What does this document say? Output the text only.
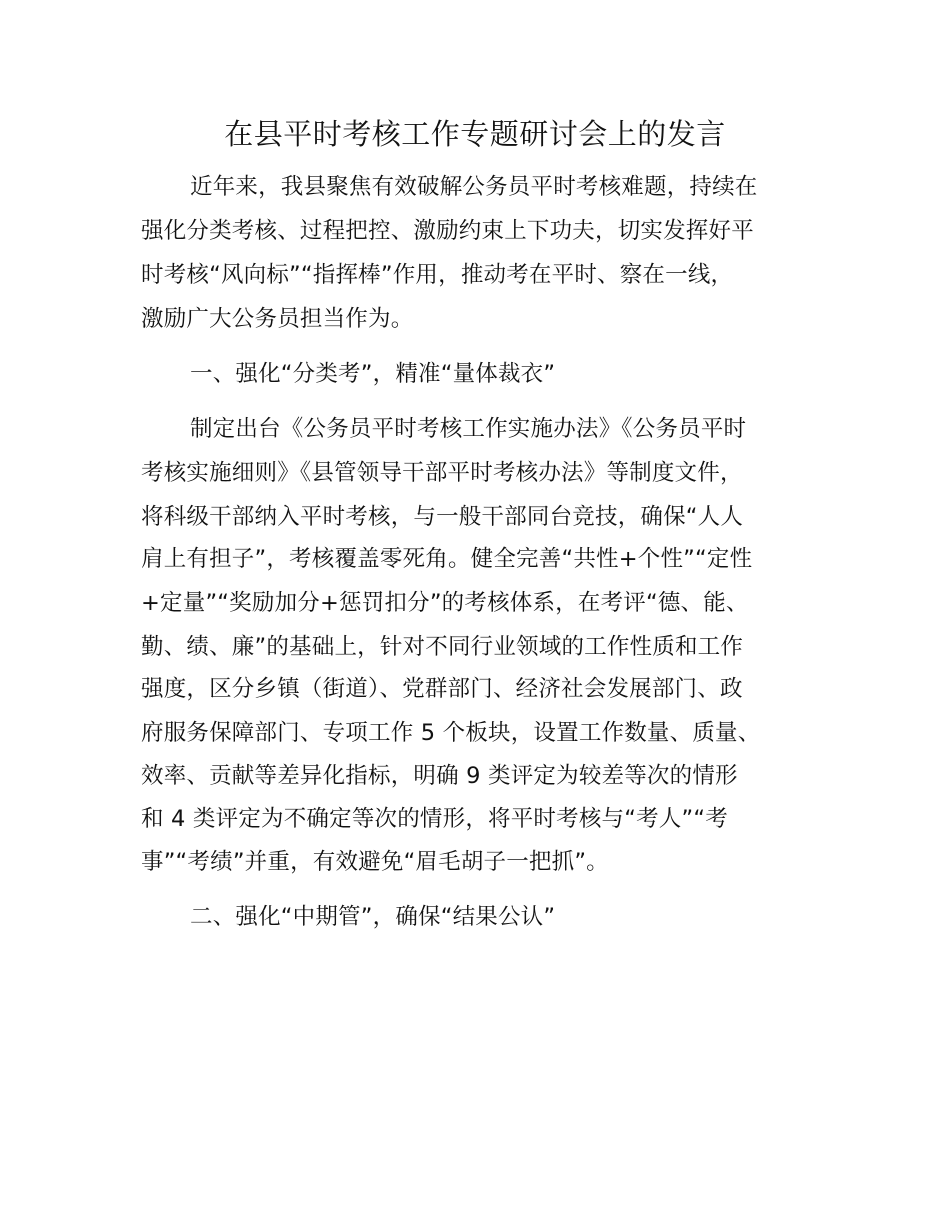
在县平时考核工作专题研讨会上的发言

近年来，我县聚焦有效破解公务员平时考核难题，持续在

强化分类考核、过程把控、激励约束上下功夫，切实发挥好平

时考核“风向标”“指挥棒”作用，推动考在平时、察在一线，

激励广大公务员担当作为。

一、强化“分类考”，精准“量体裁衣”

制定出台《公务员平时考核工作实施办法》《公务员平时

考核实施细则》《县管领导干部平时考核办法》等制度文件，

将科级干部纳入平时考核，与一般干部同台竞技，确保“人人

肩上有担子”，考核覆盖零死角。健全完善“共性+个性”“定性

+定量”“奖励加分+惩罚扣分”的考核体系，在考评“德、能、

勤、绩、廉”的基础上，针对不同行业领域的工作性质和工作

强度，区分乡镇（街道）、党群部门、经济社会发展部门、政

府服务保障部门、专项工作 5 个板块，设置工作数量、质量、

效率、贡献等差异化指标，明确 9 类评定为较差等次的情形

和 4 类评定为不确定等次的情形，将平时考核与“考人”“考

事”“考绩”并重，有效避免“眉毛胡子一把抓”。

二、强化“中期管”，确保“结果公认”
